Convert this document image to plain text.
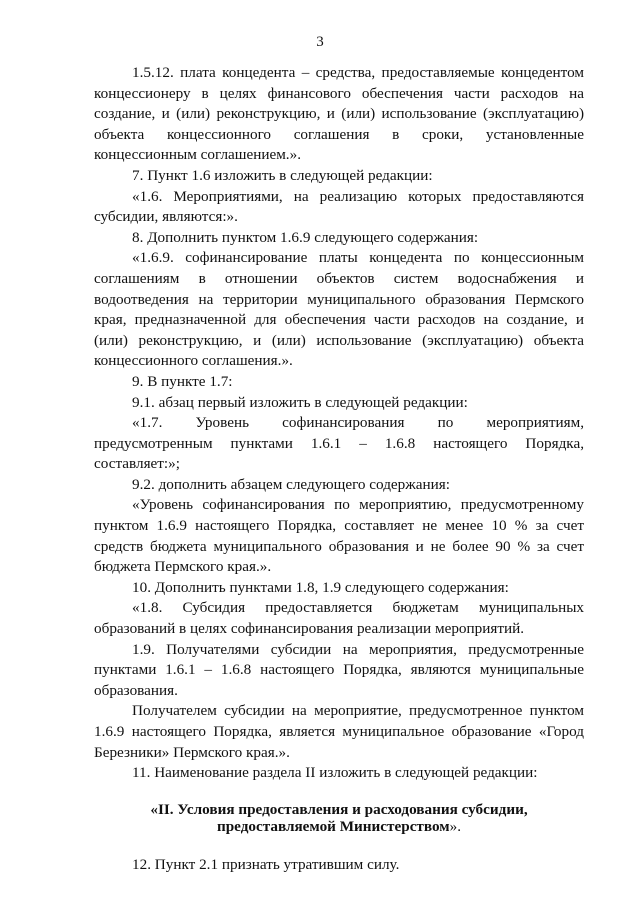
3

1.5.12. плата концедента – средства, предоставляемые концедентом концессионеру в целях финансового обеспечения части расходов на создание, и (или) реконструкцию, и (или) использование (эксплуатацию) объекта концессионного соглашения в сроки, установленные концессионным соглашением.».

7. Пункт 1.6 изложить в следующей редакции:

«1.6. Мероприятиями, на реализацию которых предоставляются субсидии, являются:».

8. Дополнить пунктом 1.6.9 следующего содержания:

«1.6.9. софинансирование платы концедента по концессионным соглашениям в отношении объектов систем водоснабжения и водоотведения на территории муниципального образования Пермского края, предназначенной для обеспечения части расходов на создание, и (или) реконструкцию, и (или) использование (эксплуатацию) объекта концессионного соглашения.».

9. В пункте 1.7:

9.1. абзац первый изложить в следующей редакции:

«1.7. Уровень софинансирования по мероприятиям, предусмотренным пунктами 1.6.1 – 1.6.8 настоящего Порядка, составляет:»;

9.2. дополнить абзацем следующего содержания:

«Уровень софинансирования по мероприятию, предусмотренному пунктом 1.6.9 настоящего Порядка, составляет не менее 10 % за счет средств бюджета муниципального образования и не более 90 % за счет бюджета Пермского края.».

10. Дополнить пунктами 1.8, 1.9 следующего содержания:

«1.8. Субсидия предоставляется бюджетам муниципальных образований в целях софинансирования реализации мероприятий.

1.9. Получателями субсидии на мероприятия, предусмотренные пунктами 1.6.1 – 1.6.8 настоящего Порядка, являются муниципальные образования.

Получателем субсидии на мероприятие, предусмотренное пунктом 1.6.9 настоящего Порядка, является муниципальное образование «Город Березники» Пермского края.».

11. Наименование раздела II изложить в следующей редакции:

«II. Условия предоставления и расходования субсидии,
предоставляемой Министерством».

12. Пункт 2.1 признать утратившим силу.
